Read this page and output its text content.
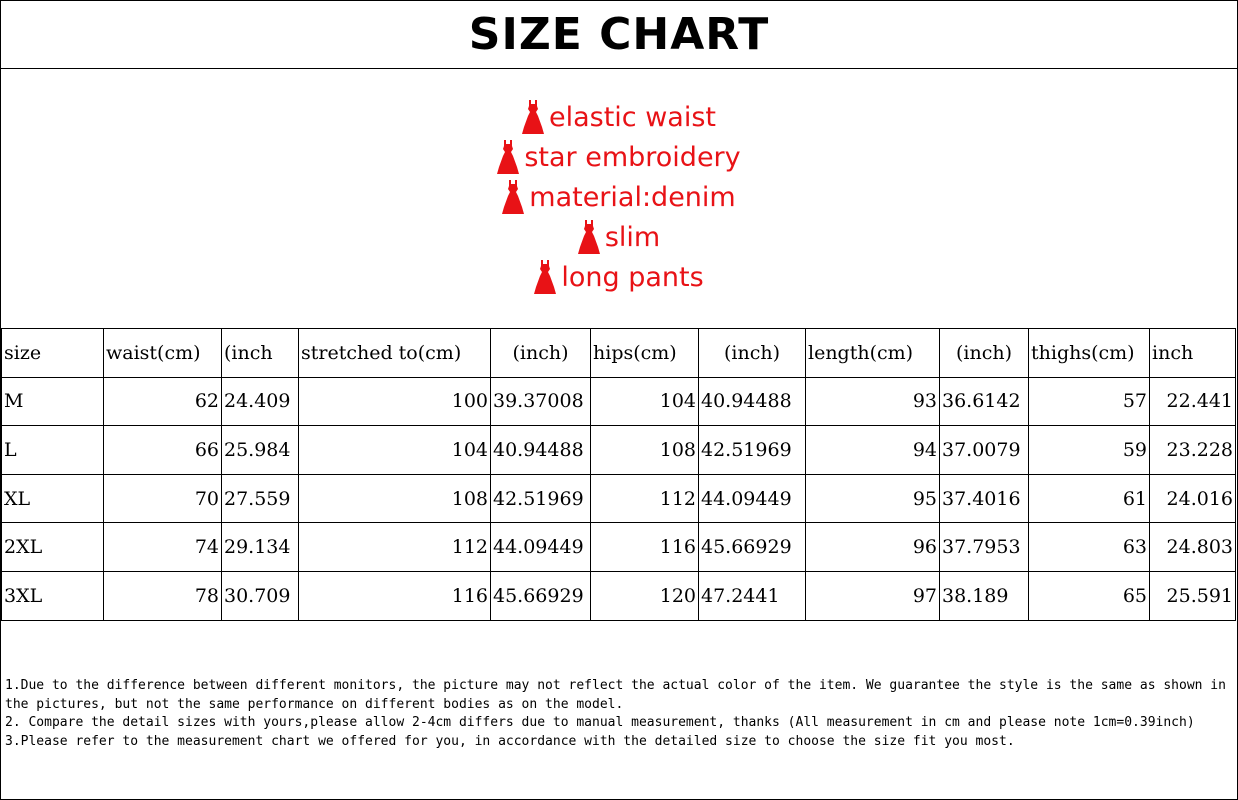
SIZE CHART
elastic waist
star embroidery
material:denim
slim
long pants
size	waist(cm)	(inch	stretched to(cm)	(inch)	hips(cm)	(inch)	length(cm)	(inch)	thighs(cm)	inch
M	62	24.409	100	39.37008	104	40.94488	93	36.6142	57	22.441
L	66	25.984	104	40.94488	108	42.51969	94	37.0079	59	23.228
XL	70	27.559	108	42.51969	112	44.09449	95	37.4016	61	24.016
2XL	74	29.134	112	44.09449	116	45.66929	96	37.7953	63	24.803
3XL	78	30.709	116	45.66929	120	47.2441	97	38.189	65	25.591

1.Due to the difference between different monitors, the picture may not reflect the actual color of the item. We guarantee the style is the same as shown in the pictures, but not the same performance on different bodies as on the model.

2. Compare the detail sizes with yours,please allow 2-4cm differs due to manual measurement, thanks (All measurement in cm and please note 1cm=0.39inch)

3.Please refer to the measurement chart we offered for you, in accordance with the detailed size to choose the size fit you most.
